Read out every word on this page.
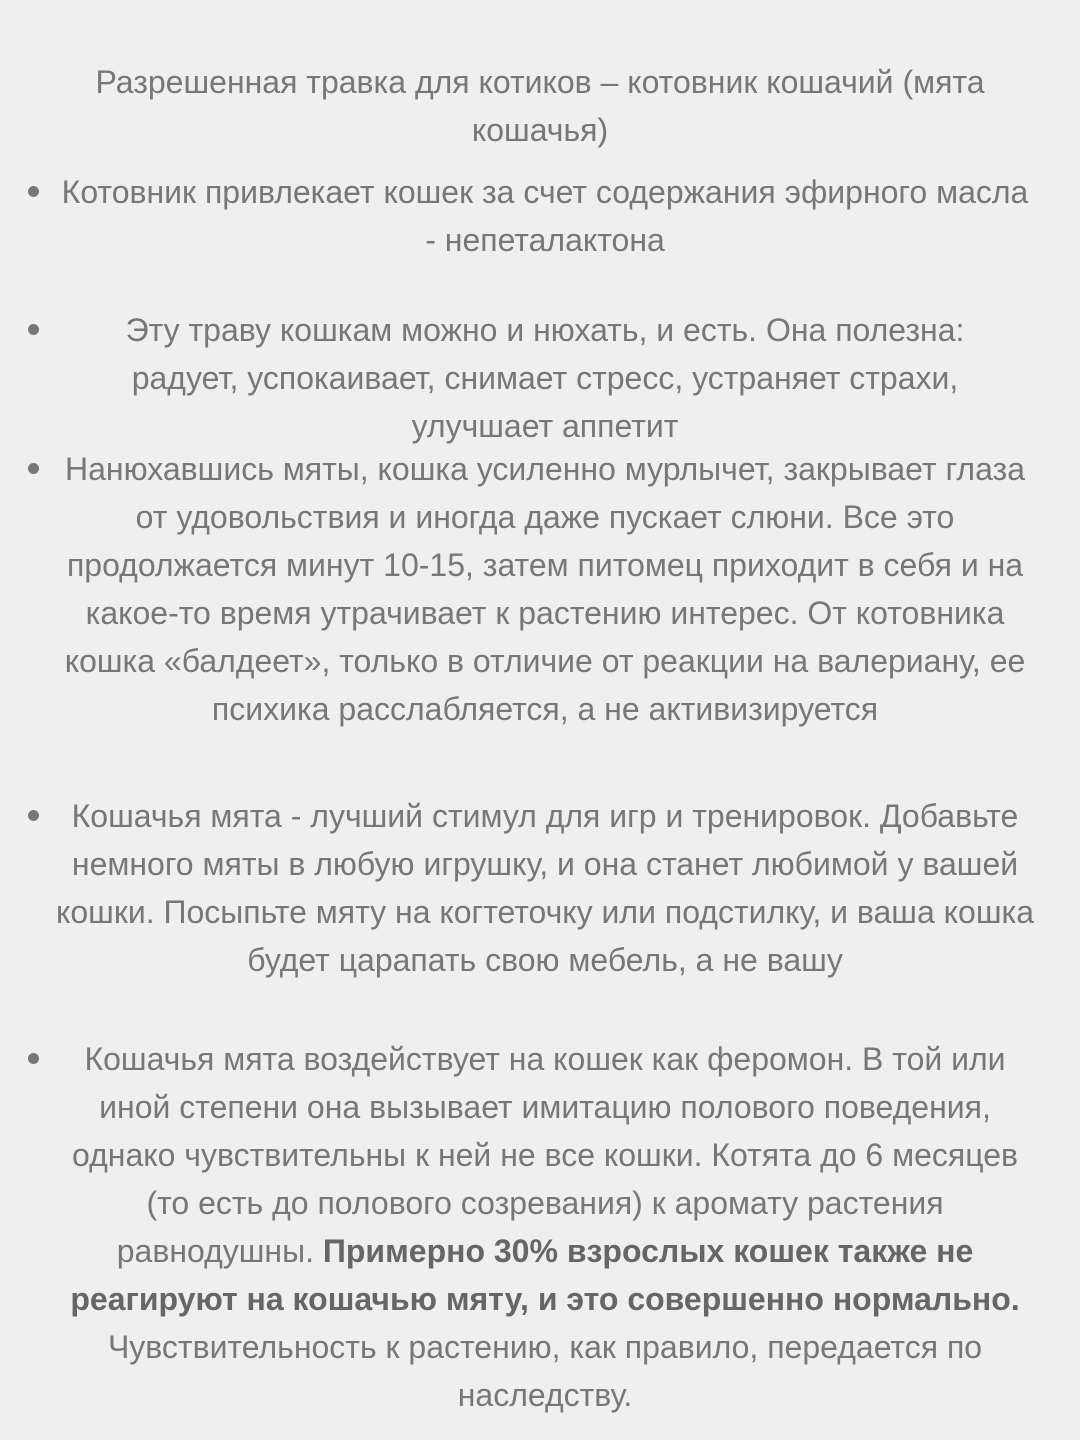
Разрешенная травка для котиков – котовник кошачий (мята кошачья)

Котовник привлекает кошек за счет содержания эфирного масла - непеталактона

Эту траву кошкам можно и нюхать, и есть. Она полезна: радует, успокаивает, снимает стресс, устраняет страхи, улучшает аппетит

Нанюхавшись мяты, кошка усиленно мурлычет, закрывает глаза от удовольствия и иногда даже пускает слюни. Все это продолжается минут 10-15, затем питомец приходит в себя и на какое-то время утрачивает к растению интерес. От котовника кошка «балдеет», только в отличие от реакции на валериану, ее психика расслабляется, а не активизируется

Кошачья мята - лучший стимул для игр и тренировок. Добавьте немного мяты в любую игрушку, и она станет любимой у вашей кошки. Посыпьте мяту на когтеточку или подстилку, и ваша кошка будет царапать свою мебель, а не вашу

Кошачья мята воздействует на кошек как феромон. В той или иной степени она вызывает имитацию полового поведения, однако чувствительны к ней не все кошки. Котята до 6 месяцев (то есть до полового созревания) к аромату растения равнодушны. Примерно 30% взрослых кошек также не реагируют на кошачью мяту, и это совершенно нормально. Чувствительность к растению, как правило, передается по наследству.
